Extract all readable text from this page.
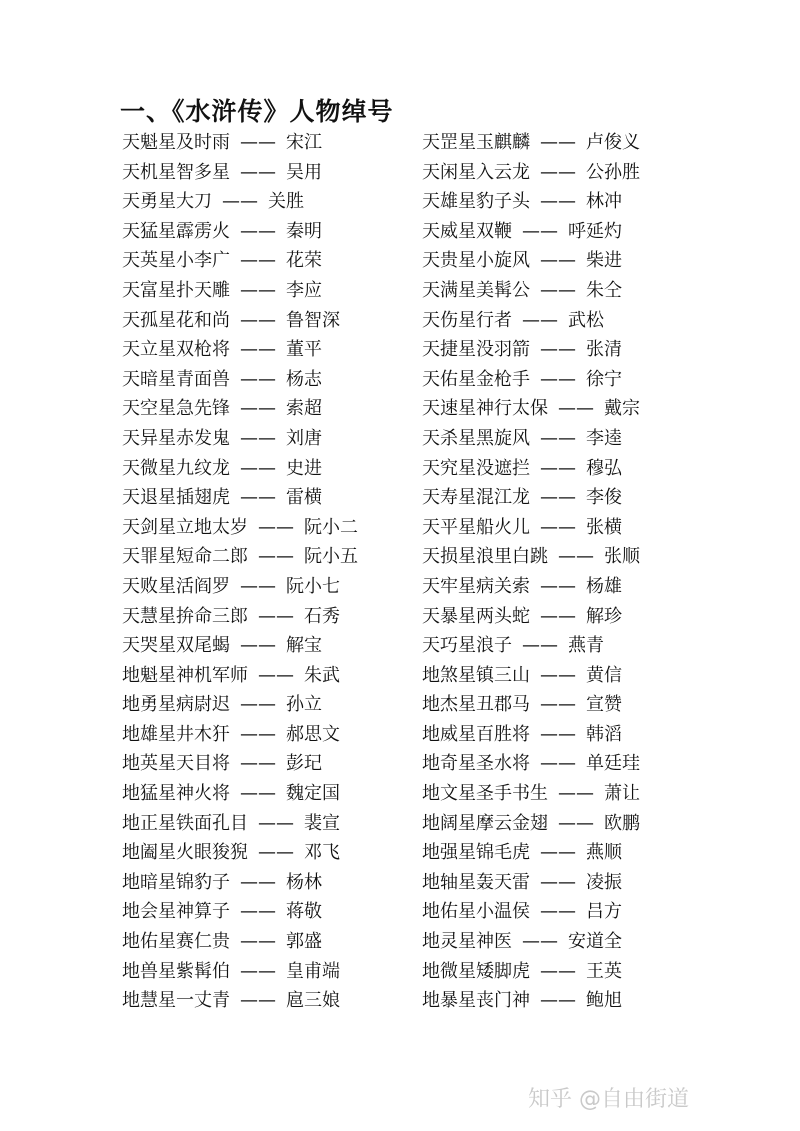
一、《水浒传》人物绰号
天魁星及时雨 —— 宋江
天机星智多星 —— 吴用
天勇星大刀 —— 关胜
天猛星霹雳火 —— 秦明
天英星小李广 —— 花荣
天富星扑天雕 —— 李应
天孤星花和尚 —— 鲁智深
天立星双枪将 —— 董平
天暗星青面兽 —— 杨志
天空星急先锋 —— 索超
天异星赤发鬼 —— 刘唐
天微星九纹龙 —— 史进
天退星插翅虎 —— 雷横
天剑星立地太岁 —— 阮小二
天罪星短命二郎 —— 阮小五
天败星活阎罗 —— 阮小七
天慧星拚命三郎 —— 石秀
天哭星双尾蝎 —— 解宝
地魁星神机军师 —— 朱武
地勇星病尉迟 —— 孙立
地雄星井木犴 —— 郝思文
地英星天目将 —— 彭玘
地猛星神火将 —— 魏定国
地正星铁面孔目 —— 裴宣
地阖星火眼狻猊 —— 邓飞
地暗星锦豹子 —— 杨林
地会星神算子 —— 蒋敬
地佑星赛仁贵 —— 郭盛
地兽星紫髯伯 —— 皇甫端
地慧星一丈青 —— 扈三娘
天罡星玉麒麟 —— 卢俊义
天闲星入云龙 —— 公孙胜
天雄星豹子头 —— 林冲
天威星双鞭 —— 呼延灼
天贵星小旋风 —— 柴进
天满星美髯公 —— 朱仝
天伤星行者 —— 武松
天捷星没羽箭 —— 张清
天佑星金枪手 —— 徐宁
天速星神行太保 —— 戴宗
天杀星黑旋风 —— 李逵
天究星没遮拦 —— 穆弘
天寿星混江龙 —— 李俊
天平星船火儿 —— 张横
天损星浪里白跳 —— 张顺
天牢星病关索 —— 杨雄
天暴星两头蛇 —— 解珍
天巧星浪子 —— 燕青
地煞星镇三山 —— 黄信
地杰星丑郡马 —— 宣赞
地威星百胜将 —— 韩滔
地奇星圣水将 —— 单廷珪
地文星圣手书生 —— 萧让
地阔星摩云金翅 —— 欧鹏
地强星锦毛虎 —— 燕顺
地轴星轰天雷 —— 凌振
地佑星小温侯 —— 吕方
地灵星神医 —— 安道全
地微星矮脚虎 —— 王英
地暴星丧门神 —— 鲍旭
知乎 @自由街道
